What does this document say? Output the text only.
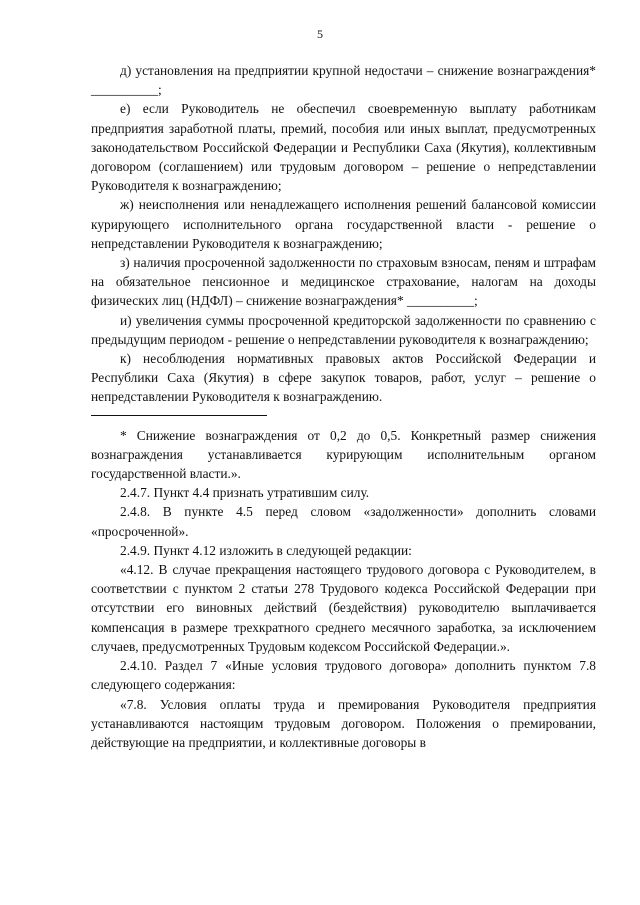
5

д) установления на предприятии крупной недостачи – снижение вознаграждения* __________;

е) если Руководитель не обеспечил своевременную выплату работникам предприятия заработной платы, премий, пособия или иных выплат, предусмотренных законодательством Российской Федерации и Республики Саха (Якутия), коллективным договором (соглашением) или трудовым договором – решение о непредставлении Руководителя к вознаграждению;

ж) неисполнения или ненадлежащего исполнения решений балансовой комиссии курирующего исполнительного органа государственной власти - решение о непредставлении Руководителя к вознаграждению;

з) наличия просроченной задолженности по страховым взносам, пеням и штрафам на обязательное пенсионное и медицинское страхование, налогам на доходы физических лиц (НДФЛ) – снижение вознаграждения* __________;

и) увеличения суммы просроченной кредиторской задолженности по сравнению с предыдущим периодом - решение о непредставлении руководителя к вознаграждению;

к) несоблюдения нормативных правовых актов Российской Федерации и Республики Саха (Якутия) в сфере закупок товаров, работ, услуг – решение о непредставлении Руководителя к вознаграждению.

* Снижение вознаграждения от 0,2 до 0,5. Конкретный размер снижения вознаграждения устанавливается курирующим исполнительным органом государственной власти.».

2.4.7. Пункт 4.4 признать утратившим силу.

2.4.8. В пункте 4.5 перед словом «задолженности» дополнить словами «просроченной».

2.4.9. Пункт 4.12 изложить в следующей редакции:

«4.12. В случае прекращения настоящего трудового договора с Руководителем, в соответствии с пунктом 2 статьи 278 Трудового кодекса Российской Федерации при отсутствии его виновных действий (бездействия) руководителю выплачивается компенсация в размере трехкратного среднего месячного заработка, за исключением случаев, предусмотренных Трудовым кодексом Российской Федерации.».

2.4.10. Раздел 7 «Иные условия трудового договора» дополнить пунктом 7.8 следующего содержания:

«7.8. Условия оплаты труда и премирования Руководителя предприятия устанавливаются настоящим трудовым договором. Положения о премировании, действующие на предприятии, и коллективные договоры в
